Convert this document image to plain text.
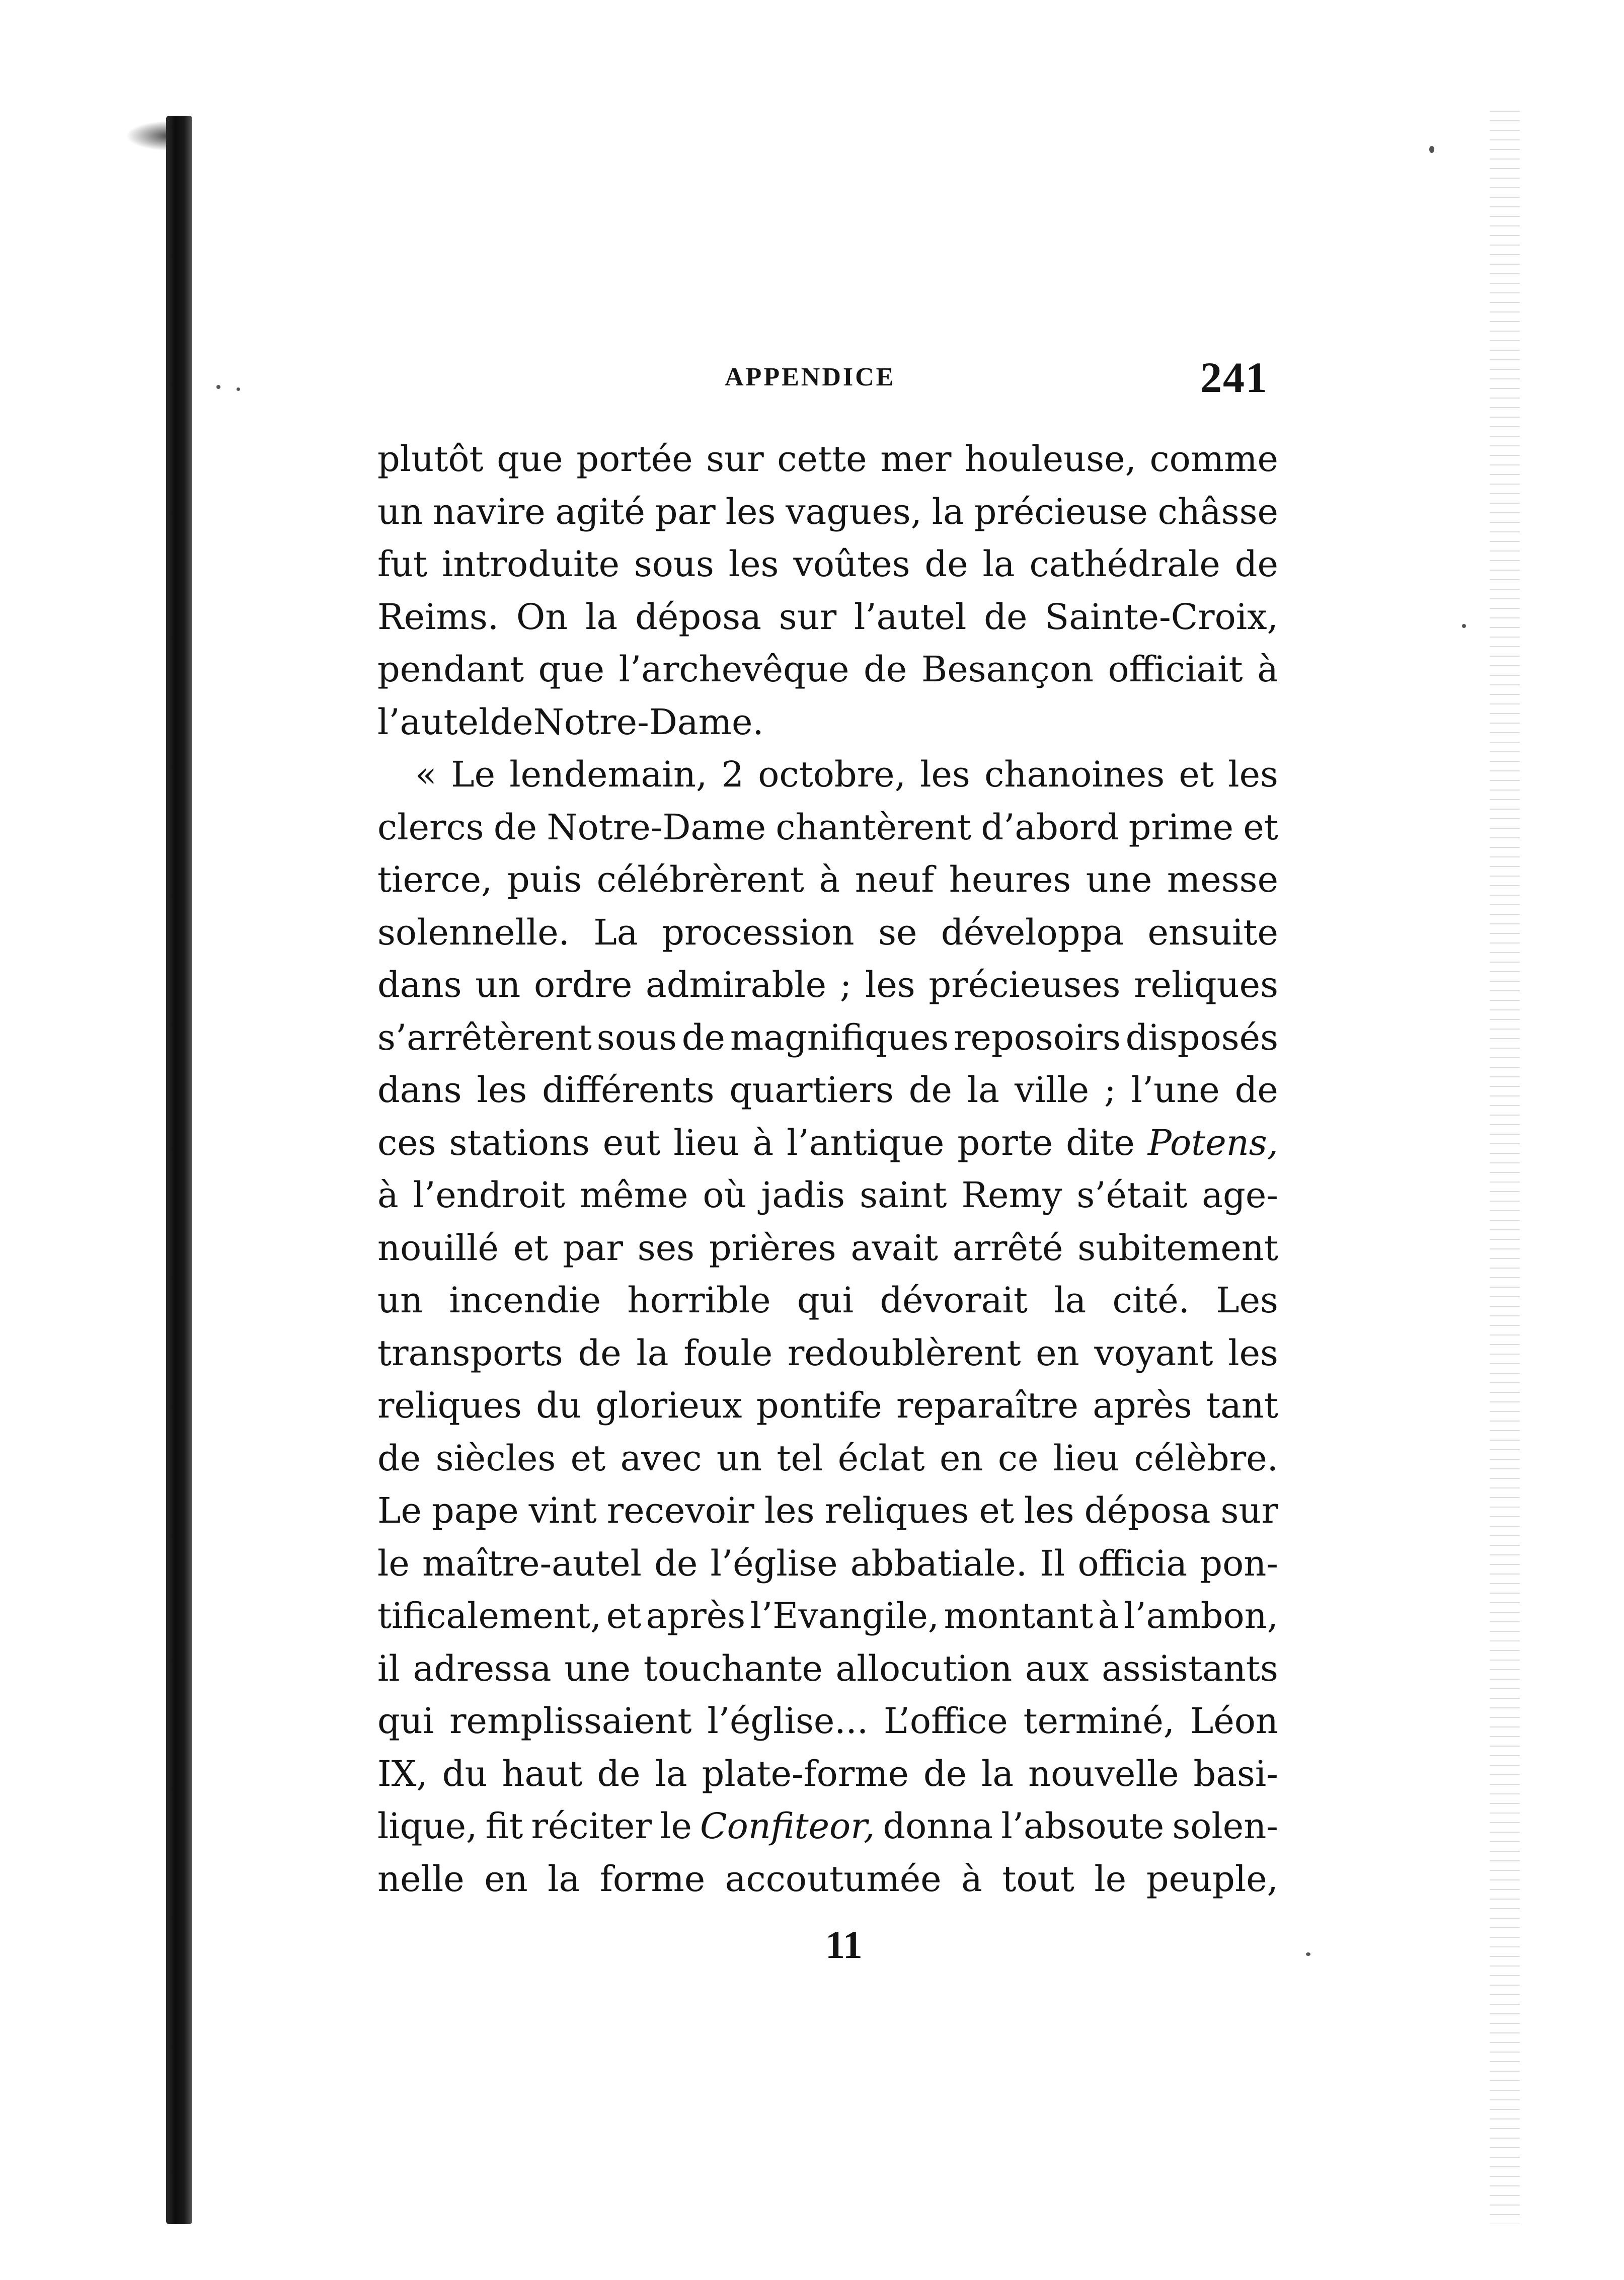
APPENDICE	241
plutôt que portée sur cette mer houleuse, comme
un navire agité par les vagues, la précieuse châsse
fut introduite sous les voûtes de la cathédrale de
Reims. On la déposa sur l’autel de Sainte-Croix,
pendant que l’archevêque de Besançon officiait à
l’autel de Notre-Dame.
« Le lendemain, 2 octobre, les chanoines et les
clercs de Notre-Dame chantèrent d’abord prime et
tierce, puis célébrèrent à neuf heures une messe
solennelle. La procession se développa ensuite
dans un ordre admirable ; les précieuses reliques
s’arrêtèrent sous de magnifiques reposoirs disposés
dans les différents quartiers de la ville ; l’une de
ces stations eut lieu à l’antique porte dite Potens,
à l’endroit même où jadis saint Remy s’était age-
nouillé et par ses prières avait arrêté subitement
un incendie horrible qui dévorait la cité. Les
transports de la foule redoublèrent en voyant les
reliques du glorieux pontife reparaître après tant
de siècles et avec un tel éclat en ce lieu célèbre.
Le pape vint recevoir les reliques et les déposa sur
le maître-autel de l’église abbatiale. Il officia pon-
tificalement, et après l’Evangile, montant à l’ambon,
il adressa une touchante allocution aux assistants
qui remplissaient l’église... L’office terminé, Léon
IX, du haut de la plate-forme de la nouvelle basi-
lique, fit réciter le Confiteor, donna l’absoute solen-
nelle en la forme accoutumée à tout le peuple,
11
